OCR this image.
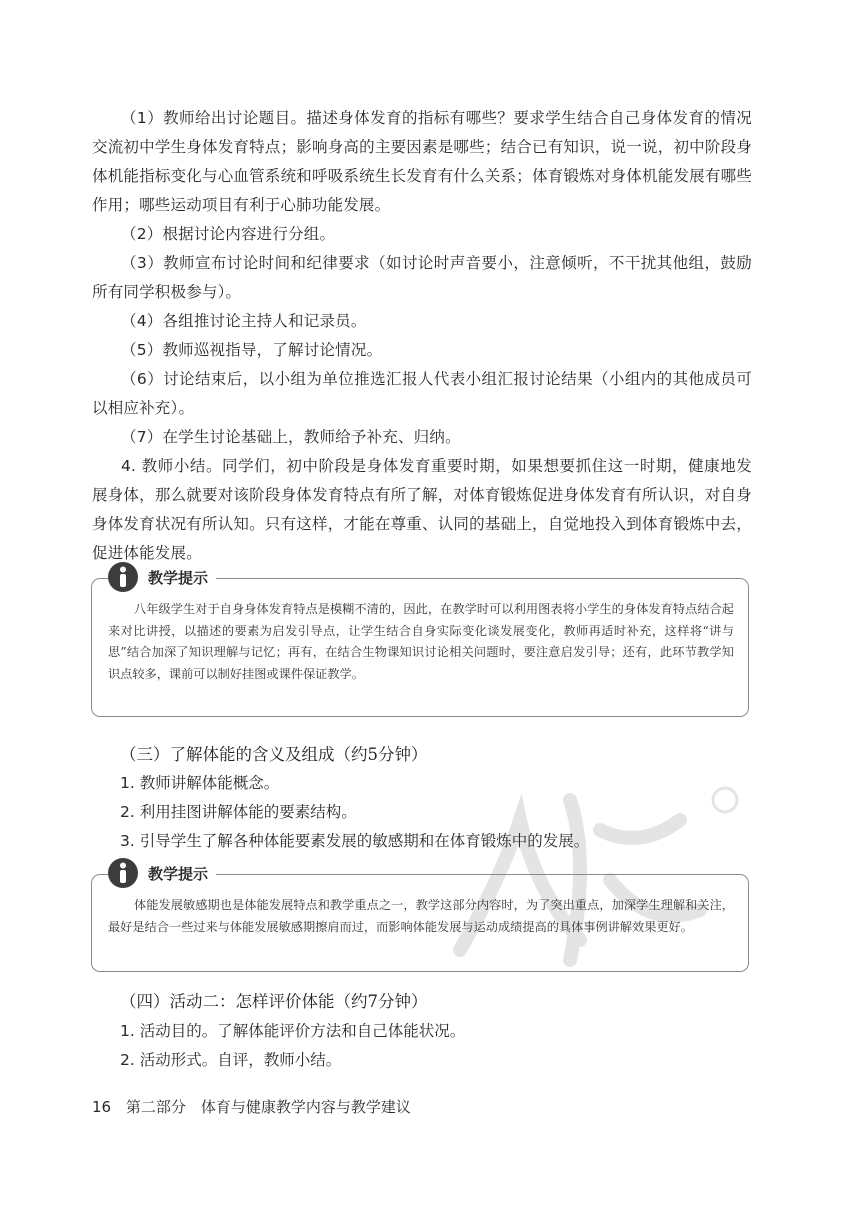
（1）教师给出讨论题目。描述身体发育的指标有哪些？要求学生结合自己身体发育的情况交流初中学生身体发育特点；影响身高的主要因素是哪些；结合已有知识，说一说，初中阶段身体机能指标变化与心血管系统和呼吸系统生长发育有什么关系；体育锻炼对身体机能发展有哪些作用；哪些运动项目有利于心肺功能发展。

（2）根据讨论内容进行分组。

（3）教师宣布讨论时间和纪律要求（如讨论时声音要小，注意倾听，不干扰其他组，鼓励所有同学积极参与）。

（4）各组推讨论主持人和记录员。

（5）教师巡视指导，了解讨论情况。

（6）讨论结束后，以小组为单位推选汇报人代表小组汇报讨论结果（小组内的其他成员可以相应补充）。

（7）在学生讨论基础上，教师给予补充、归纳。

4. 教师小结。同学们，初中阶段是身体发育重要时期，如果想要抓住这一时期，健康地发展身体，那么就要对该阶段身体发育特点有所了解，对体育锻炼促进身体发育有所认识，对自身身体发育状况有所认知。只有这样，才能在尊重、认同的基础上，自觉地投入到体育锻炼中去，促进体能发展。

教学提示

八年级学生对于自身身体发育特点是模糊不清的，因此，在教学时可以利用图表将小学生的身体发育特点结合起来对比讲授，以描述的要素为启发引导点，让学生结合自身实际变化谈发展变化，教师再适时补充，这样将“讲与思”结合加深了知识理解与记忆；再有，在结合生物课知识讨论相关问题时，要注意启发引导；还有，此环节教学知识点较多，课前可以制好挂图或课件保证教学。

（三）了解体能的含义及组成（约5分钟）

1. 教师讲解体能概念。

2. 利用挂图讲解体能的要素结构。

3. 引导学生了解各种体能要素发展的敏感期和在体育锻炼中的发展。

教学提示

体能发展敏感期也是体能发展特点和教学重点之一，教学这部分内容时，为了突出重点，加深学生理解和关注，最好是结合一些过来与体能发展敏感期擦肩而过，而影响体能发展与运动成绩提高的具体事例讲解效果更好。

（四）活动二：怎样评价体能（约7分钟）

1. 活动目的。了解体能评价方法和自己体能状况。

2. 活动形式。自评，教师小结。

16 第二部分　体育与健康教学内容与教学建议
